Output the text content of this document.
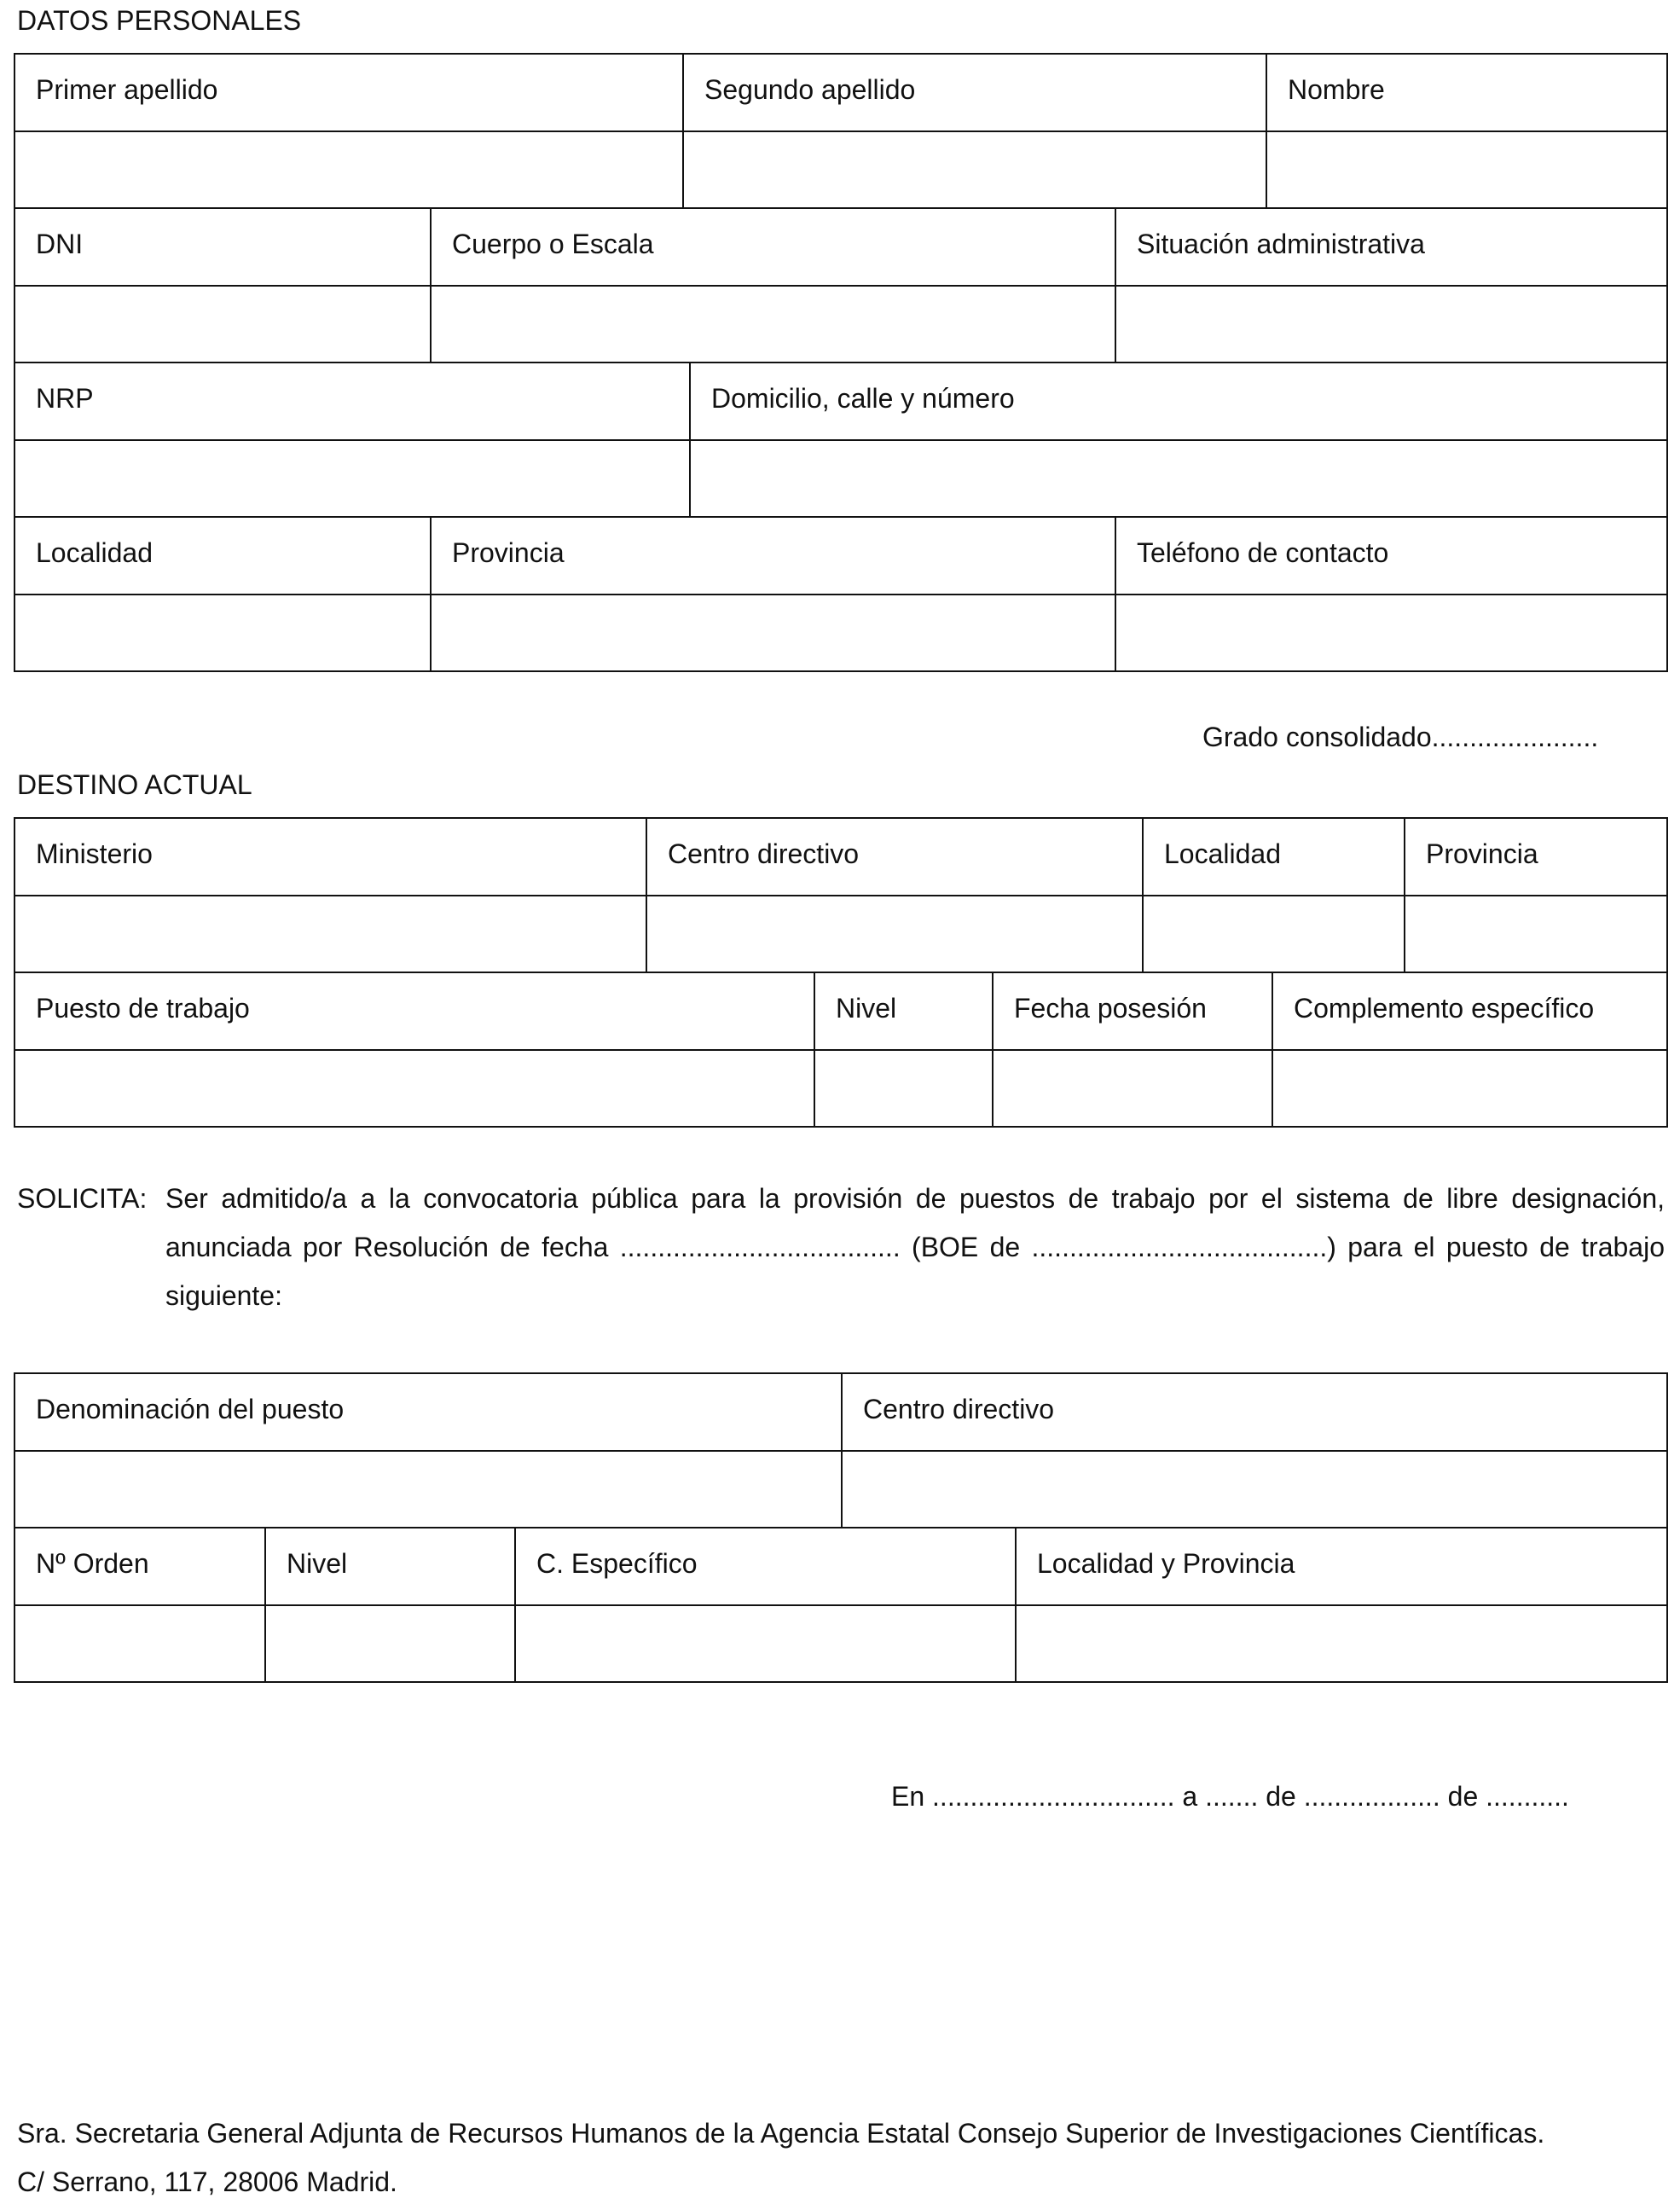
DATOS PERSONALES
Primer apellido	Segundo apellido	Nombre
DNI	Cuerpo o Escala	Situación administrativa
NRP	Domicilio, calle y número
Localidad	Provincia	Teléfono de contacto
Grado consolidado......................
DESTINO ACTUAL
Ministerio	Centro directivo	Localidad	Provincia
Puesto de trabajo	Nivel	Fecha posesión	Complemento específico
SOLICITA: Ser admitido/a a la convocatoria pública para la provisión de puestos de trabajo por el sistema de libre designación,
anunciada por Resolución de fecha ..................................... (BOE de .......................................) para el puesto de trabajo siguiente:
Denominación del puesto	Centro directivo
Nº Orden	Nivel	C. Específico	Localidad y Provincia
En ................................ a ....... de .................. de ...........
Sra. Secretaria General Adjunta de Recursos Humanos de la Agencia Estatal Consejo Superior de Investigaciones Científicas.
C/ Serrano, 117, 28006 Madrid.
